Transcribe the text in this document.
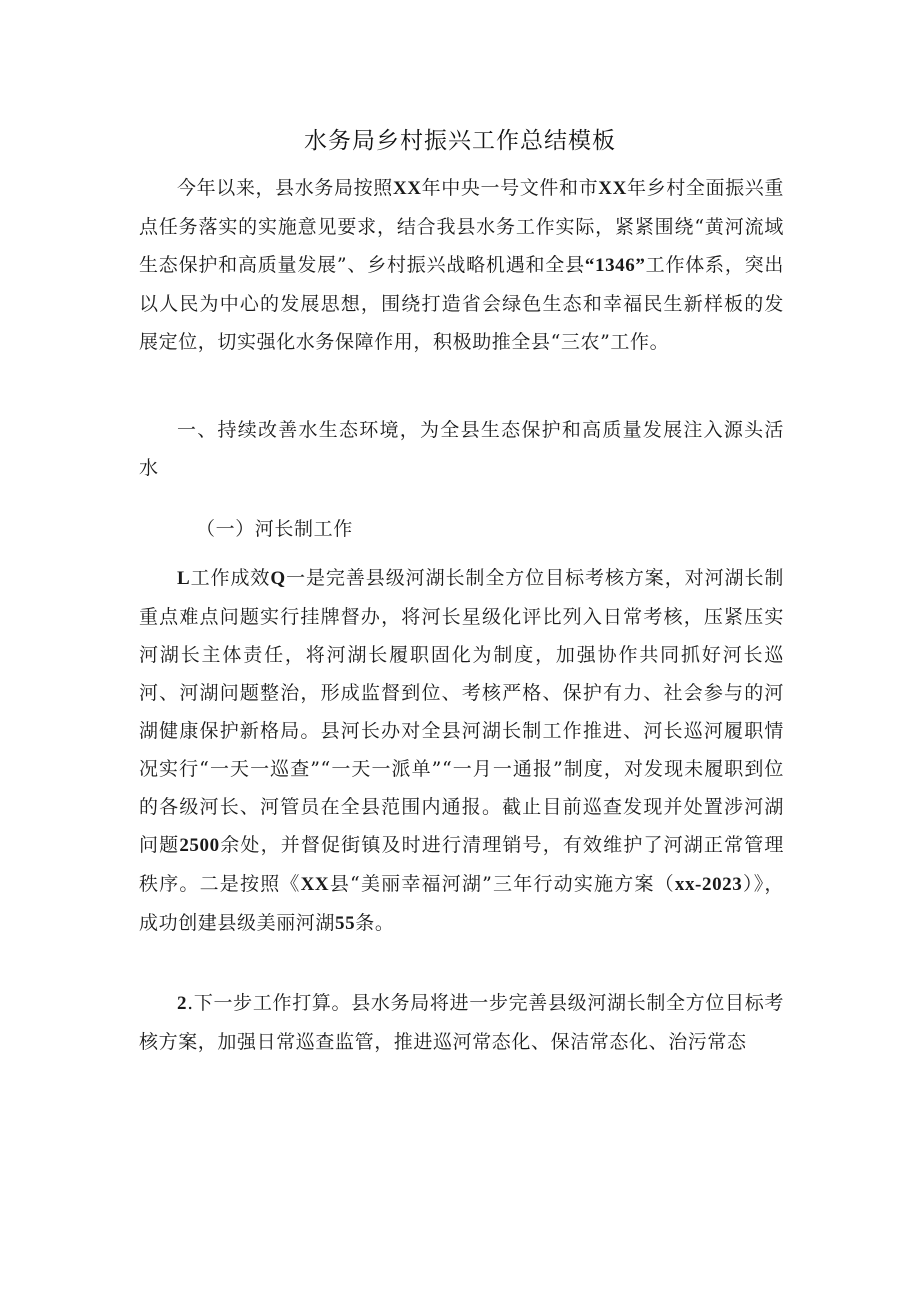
水务局乡村振兴工作总结模板

今年以来，县水务局按照XX年中央一号文件和市XX年乡村全面振兴重点任务落实的实施意见要求，结合我县水务工作实际，紧紧围绕“黄河流域生态保护和高质量发展”、乡村振兴战略机遇和全县“1346”工作体系，突出以人民为中心的发展思想，围绕打造省会绿色生态和幸福民生新样板的发展定位，切实强化水务保障作用，积极助推全县“三农”工作。

一、持续改善水生态环境，为全县生态保护和高质量发展注入源头活水

（一）河长制工作

L工作成效Q一是完善县级河湖长制全方位目标考核方案，对河湖长制重点难点问题实行挂牌督办，将河长星级化评比列入日常考核，压紧压实河湖长主体责任，将河湖长履职固化为制度，加强协作共同抓好河长巡河、河湖问题整治，形成监督到位、考核严格、保护有力、社会参与的河湖健康保护新格局。县河长办对全县河湖长制工作推进、河长巡河履职情况实行“一天一巡查”“一天一派单”“一月一通报”制度，对发现未履职到位的各级河长、河管员在全县范围内通报。截止目前巡查发现并处置涉河湖问题2500余处，并督促街镇及时进行清理销号，有效维护了河湖正常管理秩序。二是按照《XX县“美丽幸福河湖”三年行动实施方案（xx-2023）》，成功创建县级美丽河湖55条。

2.下一步工作打算。县水务局将进一步完善县级河湖长制全方位目标考核方案，加强日常巡查监管，推进巡河常态化、保洁常态化、治污常态
